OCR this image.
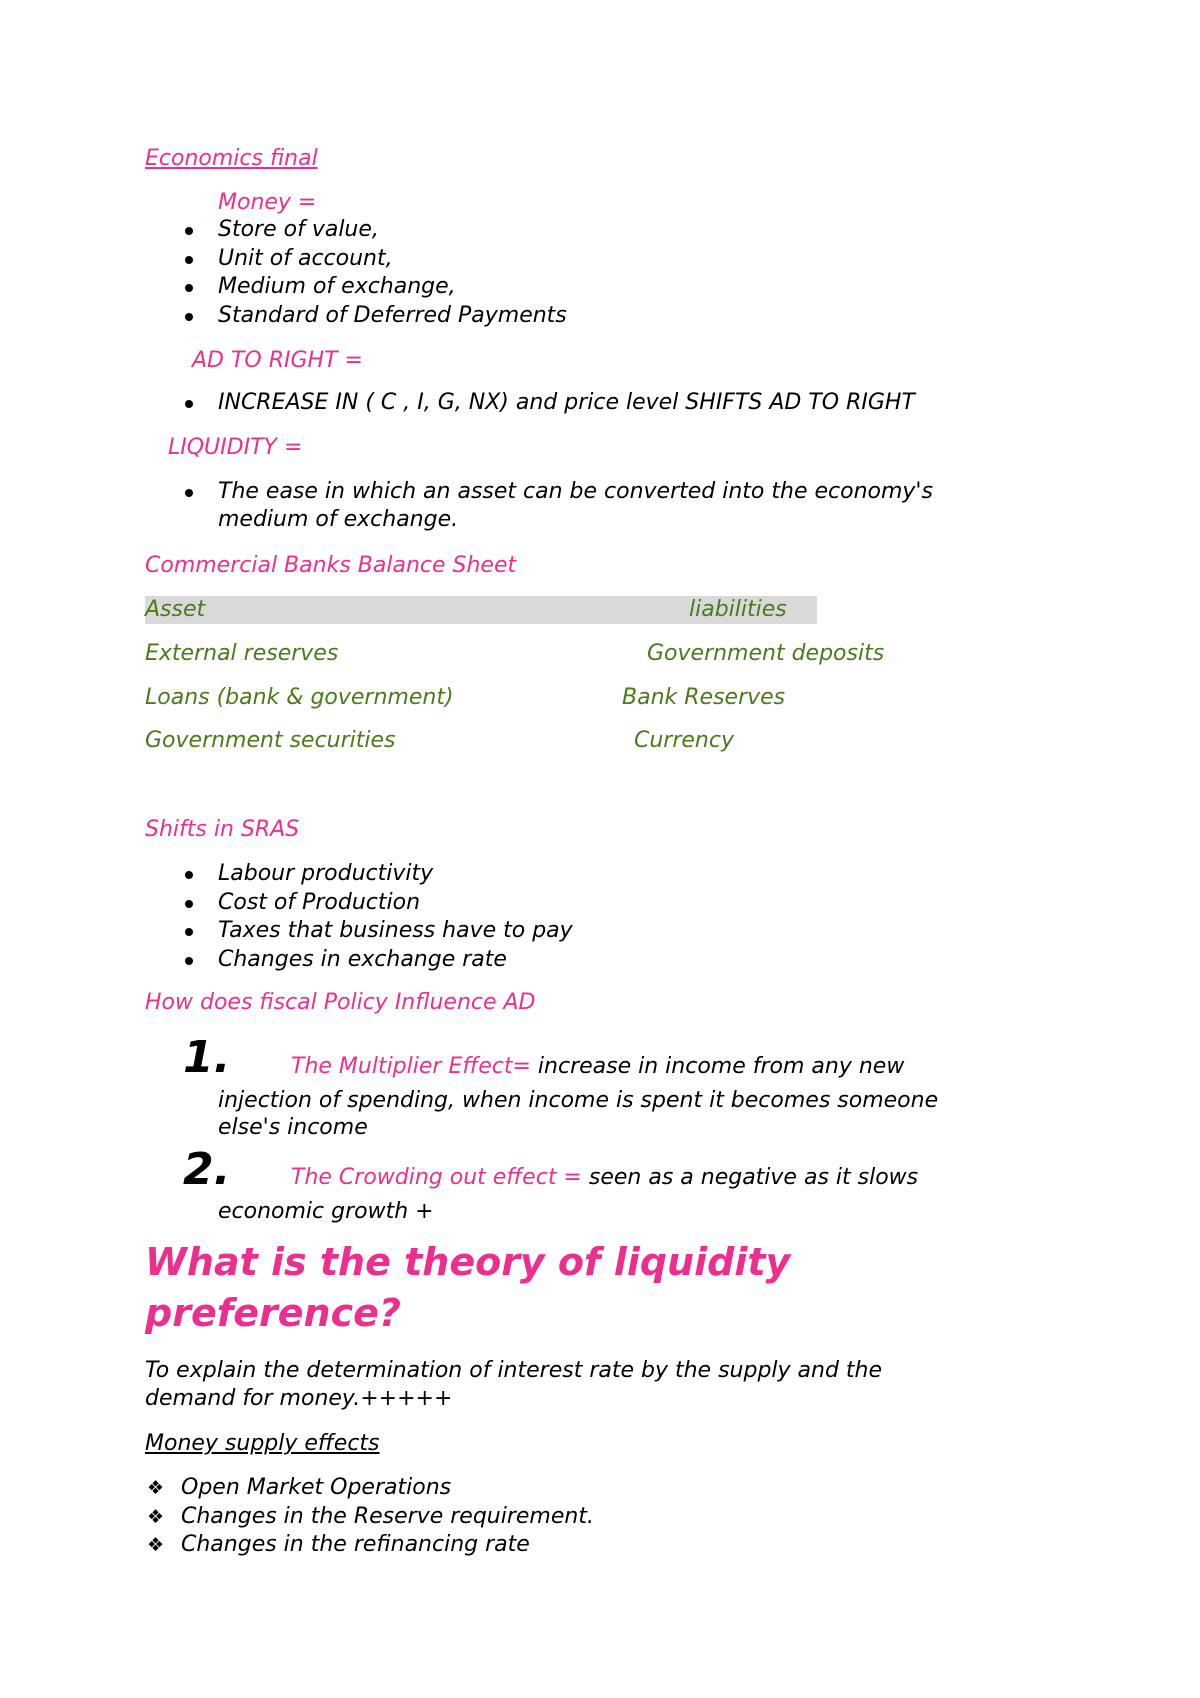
Economics final
Money =
Store of value,
Unit of account,
Medium of exchange,
Standard of Deferred Payments
AD TO RIGHT =
INCREASE IN ( C , I, G, NX) and price level SHIFTS AD TO RIGHT
LIQUIDITY =
The ease in which an asset can be converted into the economy's
medium of exchange.
Commercial Banks Balance Sheet
Asset	liabilities
External reserves	Government deposits
Loans (bank & government)	Bank Reserves
Government securities	Currency
Shifts in SRAS
Labour productivity
Cost of Production
Taxes that business have to pay
Changes in exchange rate
How does fiscal Policy Influence AD
1.	The Multiplier Effect= increase in income from any new
injection of spending, when income is spent it becomes someone
else's income
2.	The Crowding out effect = seen as a negative as it slows
economic growth +
What is the theory of liquidity
preference?
To explain the determination of interest rate by the supply and the
demand for money.+++++
Money supply effects
❖ Open Market Operations
❖ Changes in the Reserve requirement.
❖ Changes in the refinancing rate
